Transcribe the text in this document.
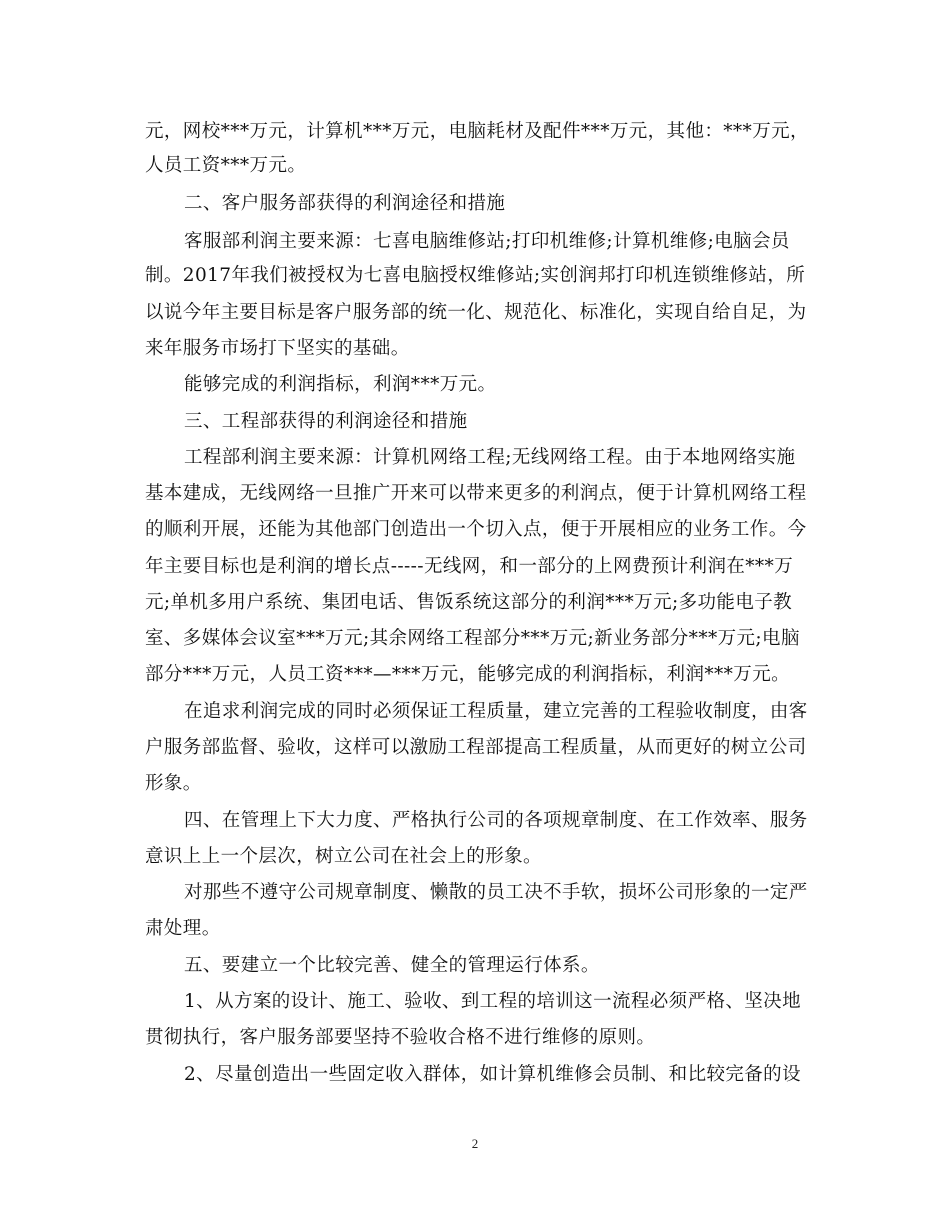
元，网校***万元，计算机***万元，电脑耗材及配件***万元，其他：***万元，
人员工资***万元。
二、客户服务部获得的利润途径和措施
客服部利润主要来源：七喜电脑维修站;打印机维修;计算机维修;电脑会员
制。2017年我们被授权为七喜电脑授权维修站;实创润邦打印机连锁维修站，所
以说今年主要目标是客户服务部的统一化、规范化、标准化，实现自给自足，为
来年服务市场打下坚实的基础。
能够完成的利润指标，利润***万元。
三、工程部获得的利润途径和措施
工程部利润主要来源：计算机网络工程;无线网络工程。由于本地网络实施
基本建成，无线网络一旦推广开来可以带来更多的利润点，便于计算机网络工程
的顺利开展，还能为其他部门创造出一个切入点，便于开展相应的业务工作。今
年主要目标也是利润的增长点-----无线网，和一部分的上网费预计利润在***万
元;单机多用户系统、集团电话、售饭系统这部分的利润***万元;多功能电子教
室、多媒体会议室***万元;其余网络工程部分***万元;新业务部分***万元;电脑
部分***万元，人员工资***—***万元，能够完成的利润指标，利润***万元。
在追求利润完成的同时必须保证工程质量，建立完善的工程验收制度，由客
户服务部监督、验收，这样可以激励工程部提高工程质量，从而更好的树立公司
形象。
四、在管理上下大力度、严格执行公司的各项规章制度、在工作效率、服务
意识上上一个层次，树立公司在社会上的形象。
对那些不遵守公司规章制度、懒散的员工决不手软，损坏公司形象的一定严
肃处理。
五、要建立一个比较完善、健全的管理运行体系。
1、从方案的设计、施工、验收、到工程的培训这一流程必须严格、坚决地
贯彻执行，客户服务部要坚持不验收合格不进行维修的原则。
2、尽量创造出一些固定收入群体，如计算机维修会员制、和比较完备的设
2
